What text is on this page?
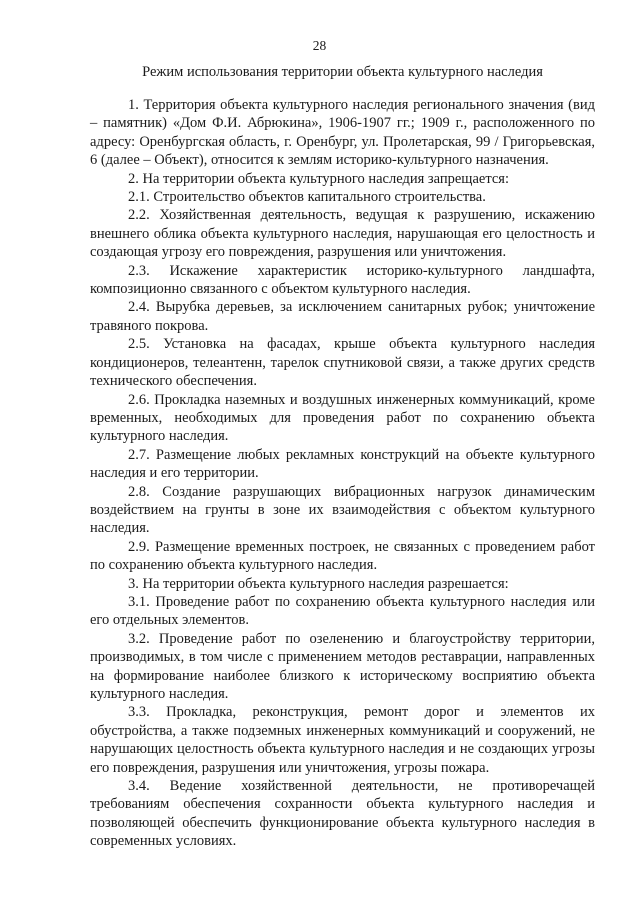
28
Режим использования территории объекта культурного наследия

1. Территория объекта культурного наследия регионального значения (вид – памятник) «Дом Ф.И. Абрюкина», 1906-1907 гг.; 1909 г., расположенного по адресу: Оренбургская область, г. Оренбург, ул. Пролетарская, 99 / Григорьевская, 6 (далее – Объект), относится к землям историко-культурного назначения.

2. На территории объекта культурного наследия запрещается:

2.1. Строительство объектов капитального строительства.

2.2. Хозяйственная деятельность, ведущая к разрушению, искажению внешнего облика объекта культурного наследия, нарушающая его целостность и создающая угрозу его повреждения, разрушения или уничтожения.

2.3. Искажение характеристик историко-культурного ландшафта, композиционно связанного с объектом культурного наследия.

2.4. Вырубка деревьев, за исключением санитарных рубок; уничтожение травяного покрова.

2.5. Установка на фасадах, крыше объекта культурного наследия кондиционеров, телеантенн, тарелок спутниковой связи, а также других средств технического обеспечения.

2.6. Прокладка наземных и воздушных инженерных коммуникаций, кроме временных, необходимых для проведения работ по сохранению объекта культурного наследия.

2.7. Размещение любых рекламных конструкций на объекте культурного наследия и его территории.

2.8. Создание разрушающих вибрационных нагрузок динамическим воздействием на грунты в зоне их взаимодействия с объектом культурного наследия.

2.9. Размещение временных построек, не связанных с проведением работ по сохранению объекта культурного наследия.

3. На территории объекта культурного наследия разрешается:

3.1. Проведение работ по сохранению объекта культурного наследия или его отдельных элементов.

3.2. Проведение работ по озеленению и благоустройству территории, производимых, в том числе с применением методов реставрации, направленных на формирование наиболее близкого к историческому восприятию объекта культурного наследия.

3.3. Прокладка, реконструкция, ремонт дорог и элементов их обустройства, а также подземных инженерных коммуникаций и сооружений, не нарушающих целостность объекта культурного наследия и не создающих угрозы его повреждения, разрушения или уничтожения, угрозы пожара.

3.4. Ведение хозяйственной деятельности, не противоречащей требованиям обеспечения сохранности объекта культурного наследия и позволяющей обеспечить функционирование объекта культурного наследия в современных условиях.
